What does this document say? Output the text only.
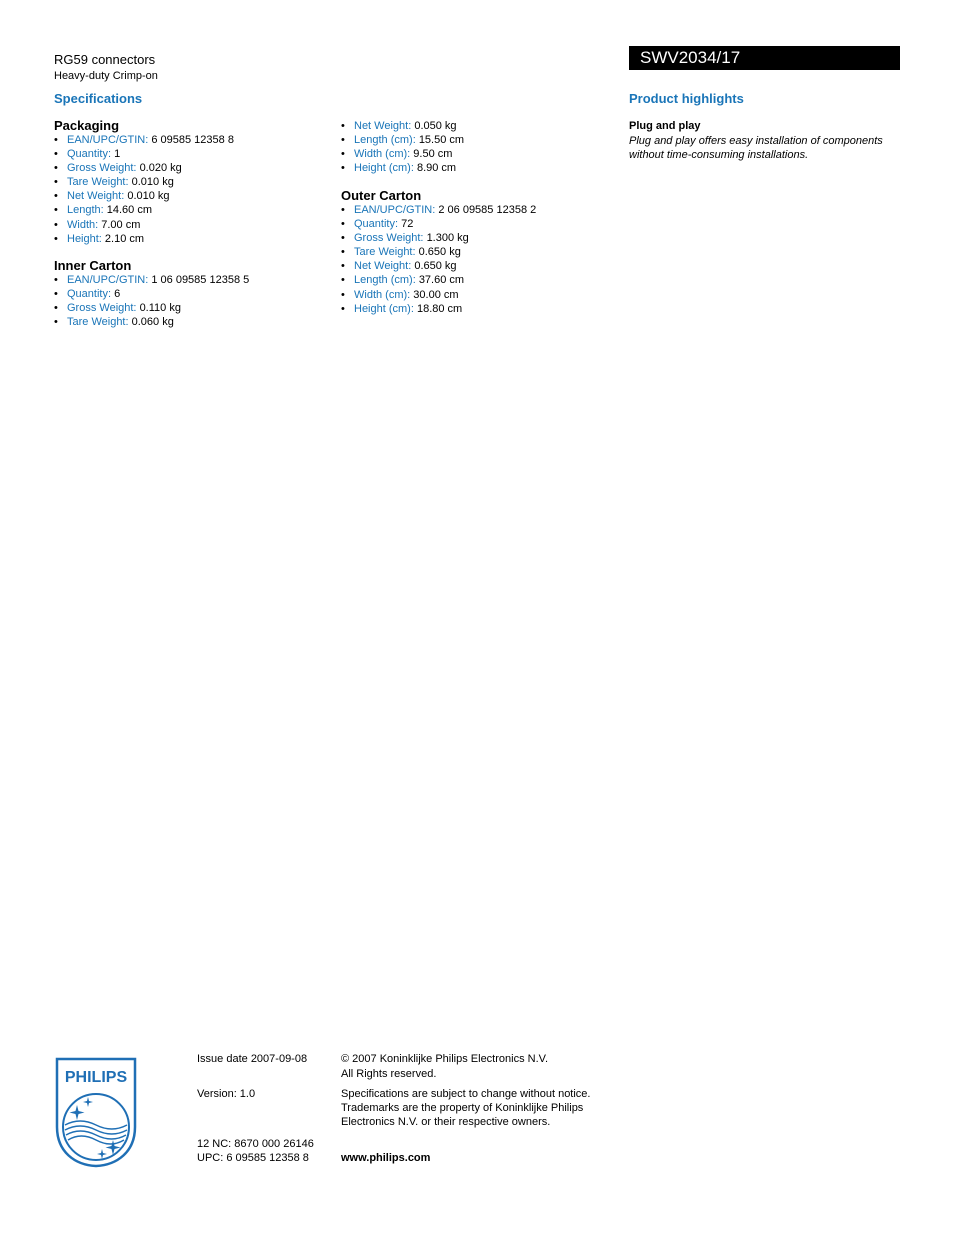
RG59 connectors
Heavy-duty Crimp-on
SWV2034/17
Specifications
Packaging
• EAN/UPC/GTIN: 6 09585 12358 8
• Quantity: 1
• Gross Weight: 0.020 kg
• Tare Weight: 0.010 kg
• Net Weight: 0.010 kg
• Length: 14.60 cm
• Width: 7.00 cm
• Height: 2.10 cm
Inner Carton
• EAN/UPC/GTIN: 1 06 09585 12358 5
• Quantity: 6
• Gross Weight: 0.110 kg
• Tare Weight: 0.060 kg
• Net Weight: 0.050 kg
• Length (cm): 15.50 cm
• Width (cm): 9.50 cm
• Height (cm): 8.90 cm
Outer Carton
• EAN/UPC/GTIN: 2 06 09585 12358 2
• Quantity: 72
• Gross Weight: 1.300 kg
• Tare Weight: 0.650 kg
• Net Weight: 0.650 kg
• Length (cm): 37.60 cm
• Width (cm): 30.00 cm
• Height (cm): 18.80 cm
Product highlights
Plug and play
Plug and play offers easy installation of components without time-consuming installations.
PHILIPS
Issue date 2007-09-08
Version: 1.0
12 NC: 8670 000 26146
UPC: 6 09585 12358 8
© 2007 Koninklijke Philips Electronics N.V.
All Rights reserved.
Specifications are subject to change without notice.
Trademarks are the property of Koninklijke Philips
Electronics N.V. or their respective owners.
www.philips.com
